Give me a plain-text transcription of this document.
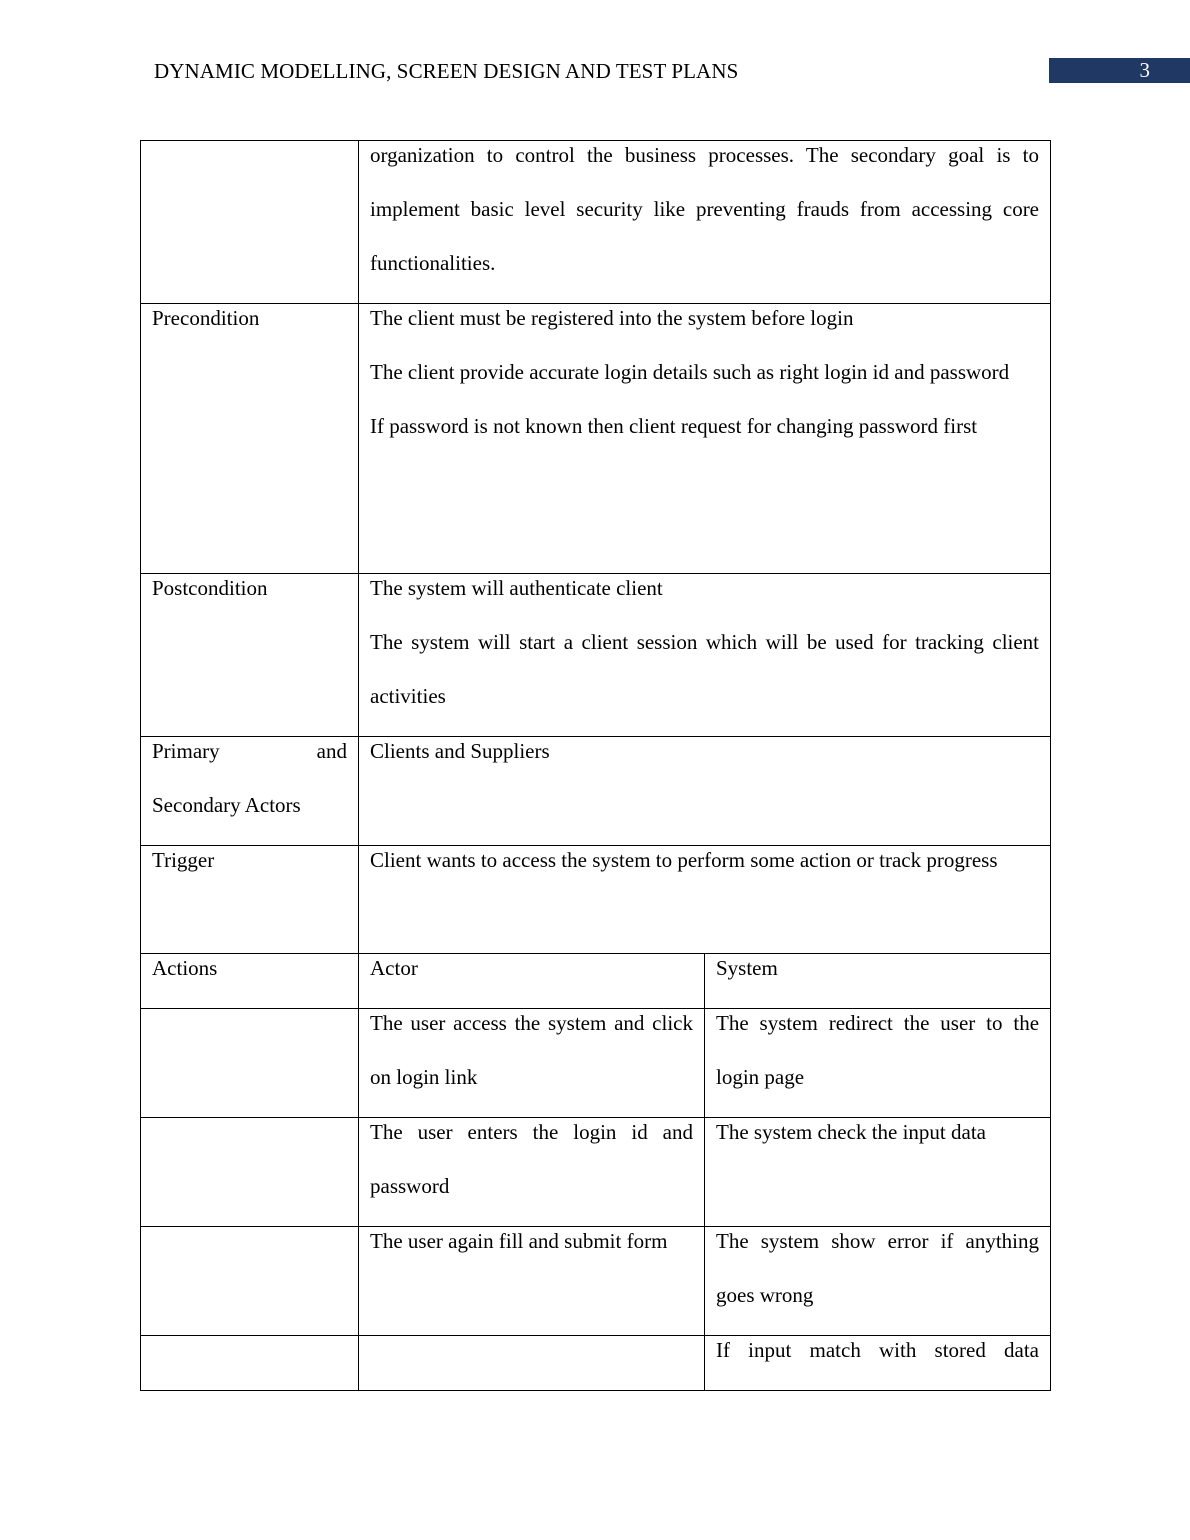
DYNAMIC MODELLING, SCREEN DESIGN AND TEST PLANS	3

	organization to control the business processes. The secondary goal is to implement basic level security like preventing frauds from accessing core functionalities.	

Precondition	The client must be registered into the system before login
The client provide accurate login details such as right login id and password
If password is not known then client request for changing password first	

Postcondition	The system will authenticate client
The system will start a client session which will be used for tracking client activities	

Primary and Secondary Actors	Clients and Suppliers	

Trigger	Client wants to access the system to perform some action or track progress	

Actions	Actor	System

	The user access the system and click on login link	The system redirect the user to the login page

	The user enters the login id and password	The system check the input data

	The user again fill and submit form	The system show error if anything goes wrong

		If input match with stored data
